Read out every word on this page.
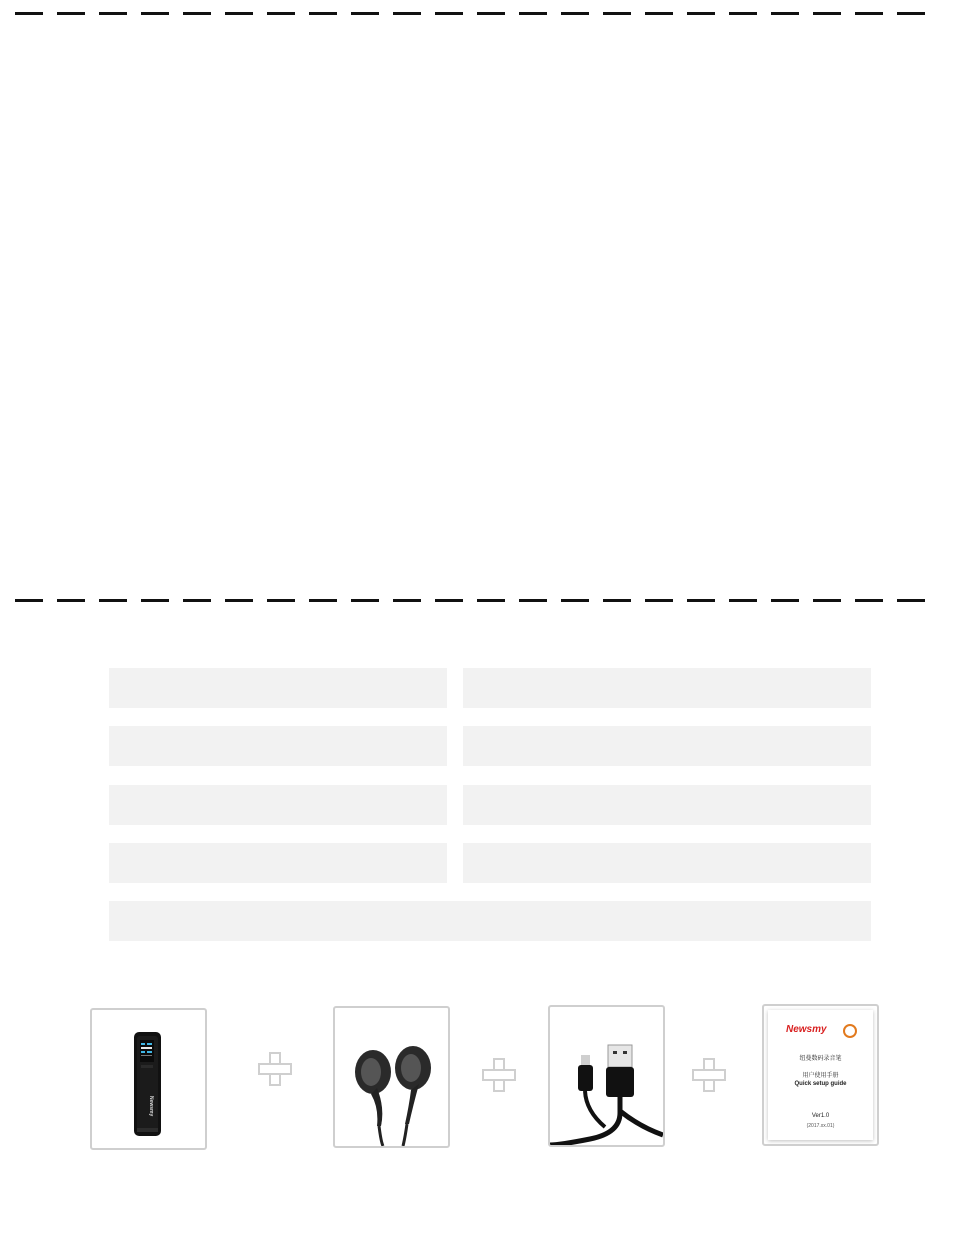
Newsmy
Newsmy
纽曼数码录音笔
用户使用手册
Quick setup guide
Ver1.0
(2017.xx.01)
